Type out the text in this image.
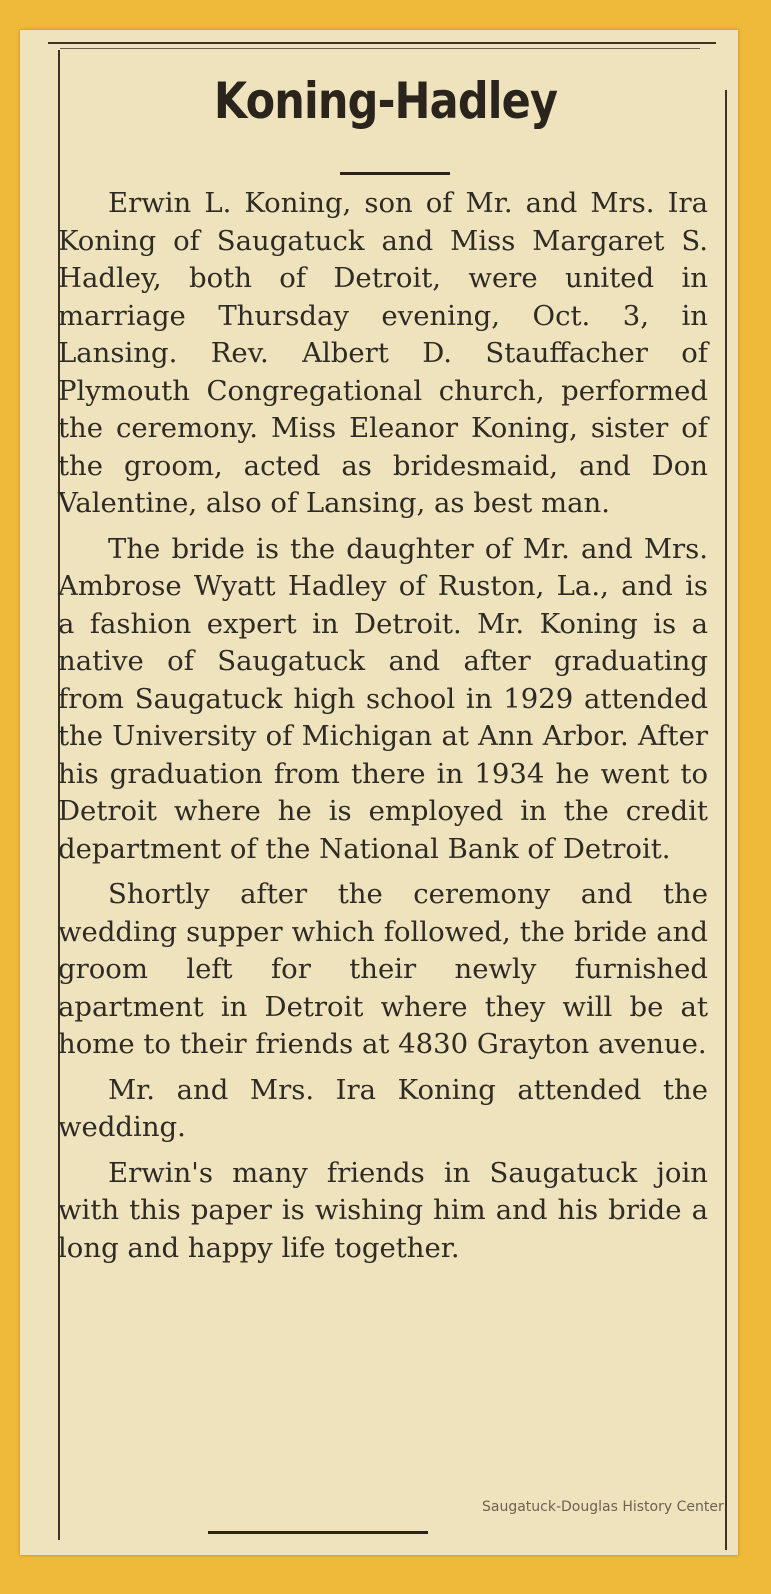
Koning-Hadley

Erwin L. Koning, son of Mr. and Mrs. Ira Koning of Saugatuck and Miss Margaret S. Hadley, both of Detroit, were united in marriage Thursday evening, Oct. 3, in Lansing. Rev. Albert D. Stauffacher of Plymouth Congregational church, performed the ceremony. Miss Eleanor Koning, sister of the groom, acted as bridesmaid, and Don Valentine, also of Lansing, as best man.

The bride is the daughter of Mr. and Mrs. Ambrose Wyatt Hadley of Ruston, La., and is a fashion expert in Detroit. Mr. Koning is a native of Saugatuck and after graduating from Saugatuck high school in 1929 attended the University of Michigan at Ann Arbor. After his graduation from there in 1934 he went to Detroit where he is employed in the credit department of the National Bank of Detroit.

Shortly after the ceremony and the wedding supper which followed, the bride and groom left for their newly furnished apartment in Detroit where they will be at home to their friends at 4830 Grayton avenue.

Mr. and Mrs. Ira Koning attended the wedding.

Erwin's many friends in Saugatuck join with this paper is wishing him and his bride a long and happy life together.

Saugatuck-Douglas History Center
